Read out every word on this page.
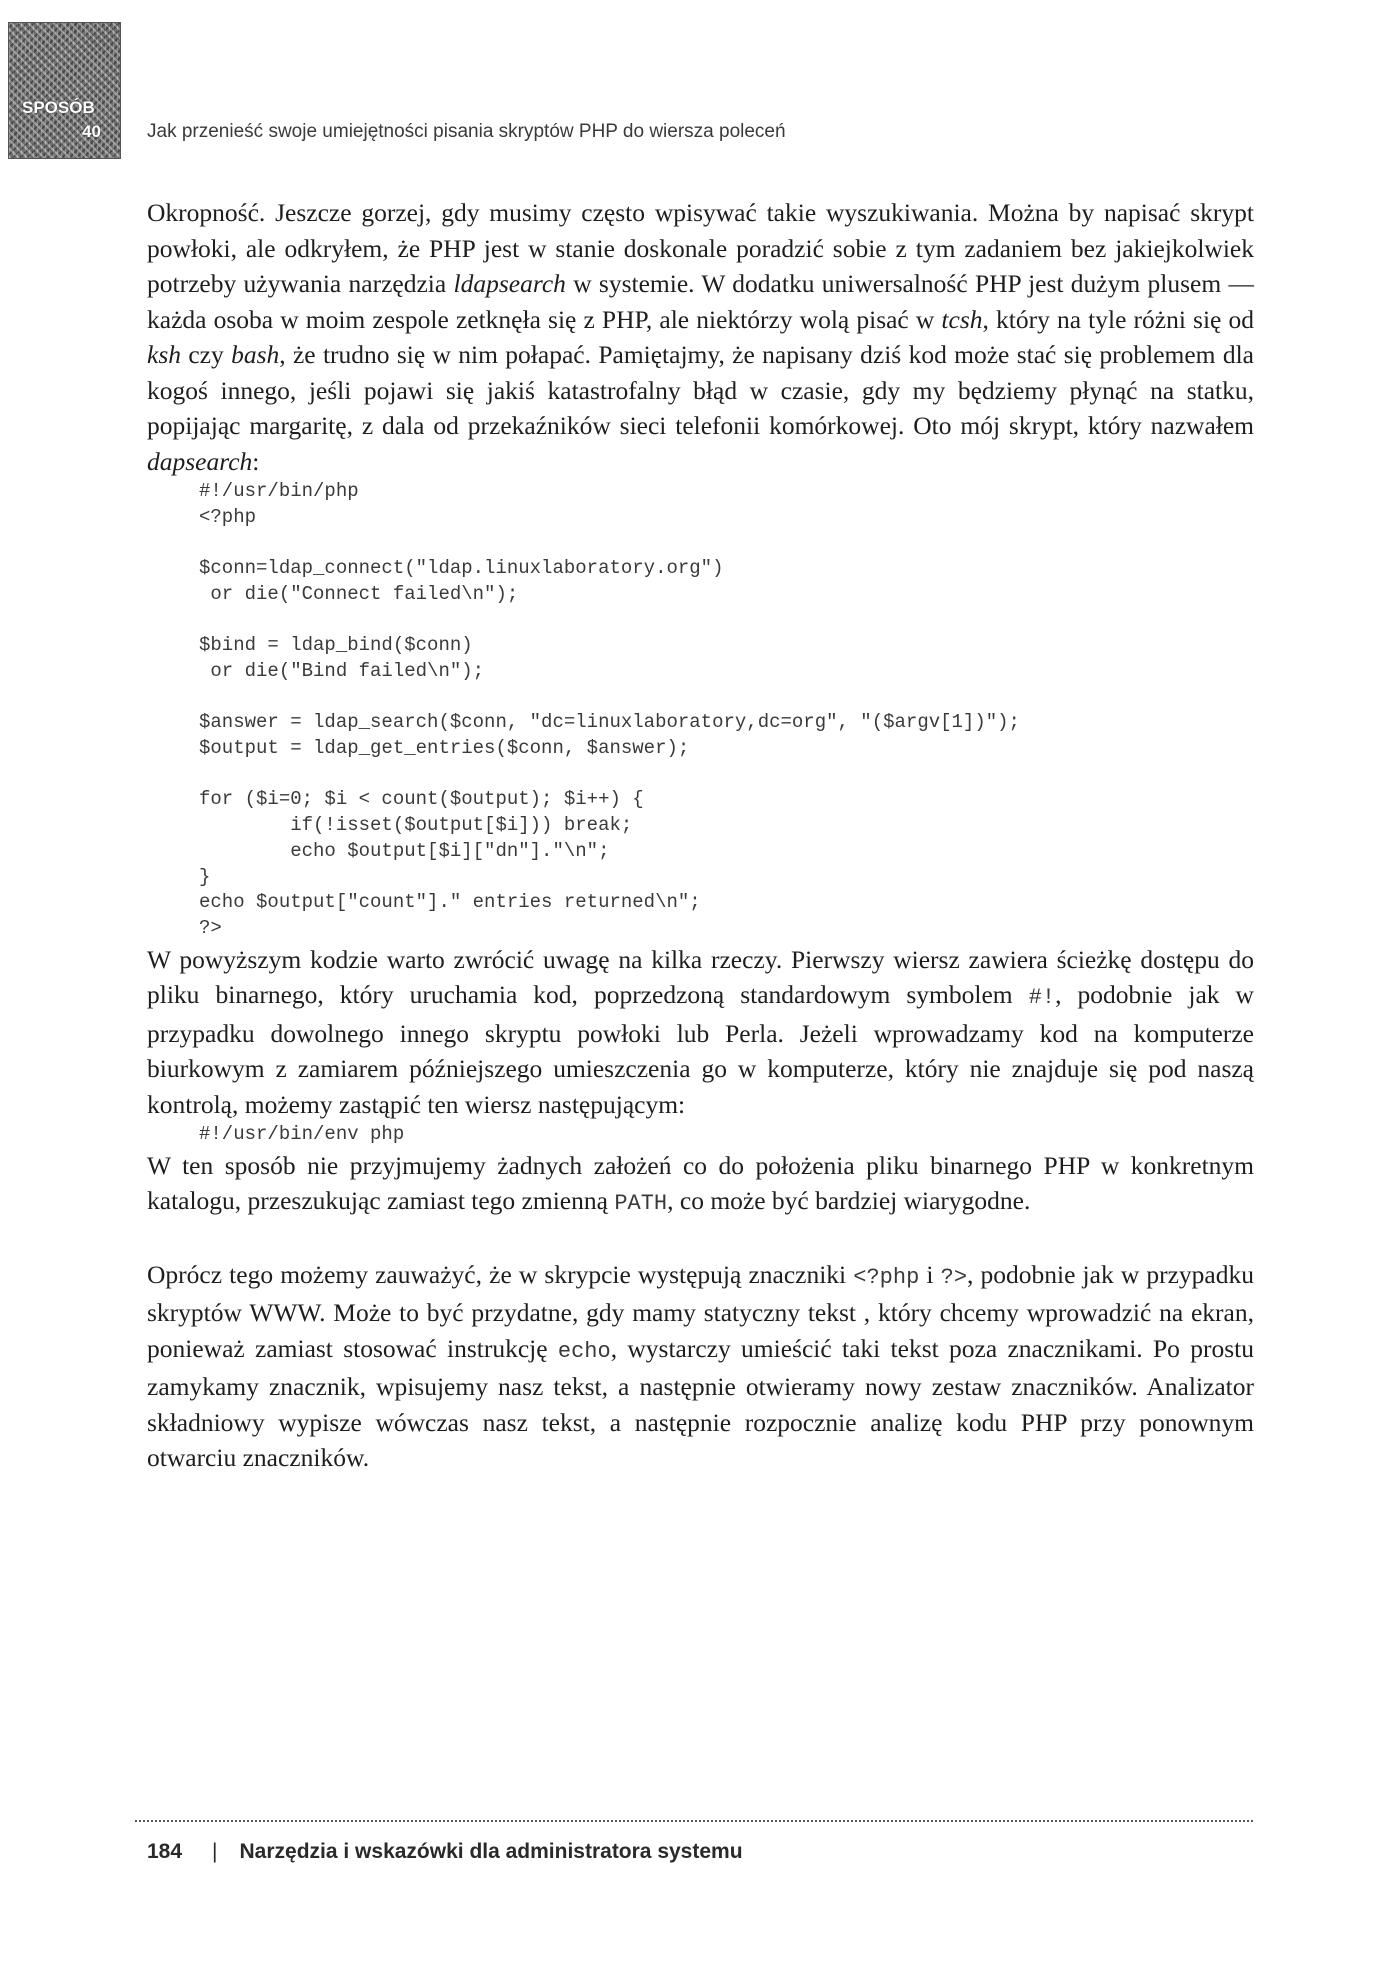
SPOSÓB
40 Jak przenieść swoje umiejętności pisania skryptów PHP do wiersza poleceń

Okropność. Jeszcze gorzej, gdy musimy często wpisywać takie wyszukiwania. Można by napisać skrypt powłoki, ale odkryłem, że PHP jest w stanie doskonale poradzić sobie z tym zadaniem bez jakiejkolwiek potrzeby używania narzędzia ldapsearch w systemie. W dodatku uniwersalność PHP jest dużym plusem — każda osoba w moim zespole zetknęła się z PHP, ale niektórzy wolą pisać w tcsh, który na tyle różni się od ksh czy bash, że trudno się w nim połapać. Pamiętajmy, że napisany dziś kod może stać się problemem dla kogoś innego, jeśli pojawi się jakiś katastrofalny błąd w czasie, gdy my będziemy płynąć na statku, popijając margaritę, z dala od przekaźników sieci telefonii komórkowej. Oto mój skrypt, który nazwałem dapsearch:

#!/usr/bin/php
<?php

$conn=ldap_connect("ldap.linuxlaboratory.org")
or die("Connect failed\n");

$bind = ldap_bind($conn)
or die("Bind failed\n");

$answer = ldap_search($conn, "dc=linuxlaboratory,dc=org", "($argv[1])");
$output = ldap_get_entries($conn, $answer);

for ($i=0; $i < count($output); $i++) {
if(!isset($output[$i])) break;
echo $output[$i]["dn"]."\n";
}
echo $output["count"]." entries returned\n";
?>

W powyższym kodzie warto zwrócić uwagę na kilka rzeczy. Pierwszy wiersz zawiera ścieżkę dostępu do pliku binarnego, który uruchamia kod, poprzedzoną standardowym symbolem #!, podobnie jak w przypadku dowolnego innego skryptu powłoki lub Perla. Jeżeli wprowadzamy kod na komputerze biurkowym z zamiarem późniejszego umieszczenia go w komputerze, który nie znajduje się pod naszą kontrolą, możemy zastąpić ten wiersz następującym:

#!/usr/bin/env php

W ten sposób nie przyjmujemy żadnych założeń co do położenia pliku binarnego PHP w konkretnym katalogu, przeszukując zamiast tego zmienną PATH, co może być bardziej wiarygodne.

Oprócz tego możemy zauważyć, że w skrypcie występują znaczniki <?php i ?>, podobnie jak w przypadku skryptów WWW. Może to być przydatne, gdy mamy statyczny tekst , który chcemy wprowadzić na ekran, ponieważ zamiast stosować instrukcję echo, wystarczy umieścić taki tekst poza znacznikami. Po prostu zamykamy znacznik, wpisujemy nasz tekst, a następnie otwieramy nowy zestaw znaczników. Analizator składniowy wypisze wówczas nasz tekst, a następnie rozpocznie analizę kodu PHP przy ponownym otwarciu znaczników.

184 | Narzędzia i wskazówki dla administratora systemu
